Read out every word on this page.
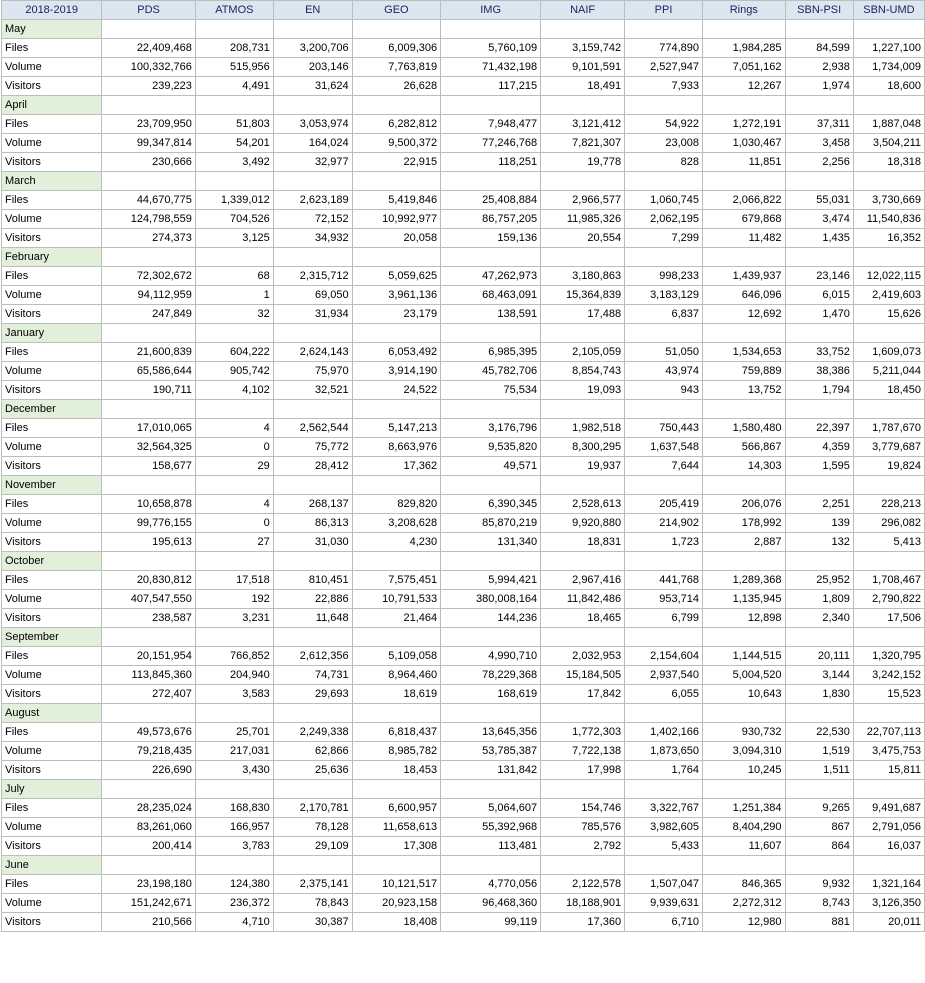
2018-2019	PDS	ATMOS	EN	GEO	IMG	NAIF	PPI	Rings	SBN-PSI	SBN-UMD
May										
Files	22,409,468	208,731	3,200,706	6,009,306	5,760,109	3,159,742	774,890	1,984,285	84,599	1,227,100
Volume	100,332,766	515,956	203,146	7,763,819	71,432,198	9,101,591	2,527,947	7,051,162	2,938	1,734,009
Visitors	239,223	4,491	31,624	26,628	117,215	18,491	7,933	12,267	1,974	18,600
April										
Files	23,709,950	51,803	3,053,974	6,282,812	7,948,477	3,121,412	54,922	1,272,191	37,311	1,887,048
Volume	99,347,814	54,201	164,024	9,500,372	77,246,768	7,821,307	23,008	1,030,467	3,458	3,504,211
Visitors	230,666	3,492	32,977	22,915	118,251	19,778	828	11,851	2,256	18,318
March										
Files	44,670,775	1,339,012	2,623,189	5,419,846	25,408,884	2,966,577	1,060,745	2,066,822	55,031	3,730,669
Volume	124,798,559	704,526	72,152	10,992,977	86,757,205	11,985,326	2,062,195	679,868	3,474	11,540,836
Visitors	274,373	3,125	34,932	20,058	159,136	20,554	7,299	11,482	1,435	16,352
February										
Files	72,302,672	68	2,315,712	5,059,625	47,262,973	3,180,863	998,233	1,439,937	23,146	12,022,115
Volume	94,112,959	1	69,050	3,961,136	68,463,091	15,364,839	3,183,129	646,096	6,015	2,419,603
Visitors	247,849	32	31,934	23,179	138,591	17,488	6,837	12,692	1,470	15,626
January										
Files	21,600,839	604,222	2,624,143	6,053,492	6,985,395	2,105,059	51,050	1,534,653	33,752	1,609,073
Volume	65,586,644	905,742	75,970	3,914,190	45,782,706	8,854,743	43,974	759,889	38,386	5,211,044
Visitors	190,711	4,102	32,521	24,522	75,534	19,093	943	13,752	1,794	18,450
December										
Files	17,010,065	4	2,562,544	5,147,213	3,176,796	1,982,518	750,443	1,580,480	22,397	1,787,670
Volume	32,564,325	0	75,772	8,663,976	9,535,820	8,300,295	1,637,548	566,867	4,359	3,779,687
Visitors	158,677	29	28,412	17,362	49,571	19,937	7,644	14,303	1,595	19,824
November										
Files	10,658,878	4	268,137	829,820	6,390,345	2,528,613	205,419	206,076	2,251	228,213
Volume	99,776,155	0	86,313	3,208,628	85,870,219	9,920,880	214,902	178,992	139	296,082
Visitors	195,613	27	31,030	4,230	131,340	18,831	1,723	2,887	132	5,413
October										
Files	20,830,812	17,518	810,451	7,575,451	5,994,421	2,967,416	441,768	1,289,368	25,952	1,708,467
Volume	407,547,550	192	22,886	10,791,533	380,008,164	11,842,486	953,714	1,135,945	1,809	2,790,822
Visitors	238,587	3,231	11,648	21,464	144,236	18,465	6,799	12,898	2,340	17,506
September										
Files	20,151,954	766,852	2,612,356	5,109,058	4,990,710	2,032,953	2,154,604	1,144,515	20,111	1,320,795
Volume	113,845,360	204,940	74,731	8,964,460	78,229,368	15,184,505	2,937,540	5,004,520	3,144	3,242,152
Visitors	272,407	3,583	29,693	18,619	168,619	17,842	6,055	10,643	1,830	15,523
August										
Files	49,573,676	25,701	2,249,338	6,818,437	13,645,356	1,772,303	1,402,166	930,732	22,530	22,707,113
Volume	79,218,435	217,031	62,866	8,985,782	53,785,387	7,722,138	1,873,650	3,094,310	1,519	3,475,753
Visitors	226,690	3,430	25,636	18,453	131,842	17,998	1,764	10,245	1,511	15,811
July										
Files	28,235,024	168,830	2,170,781	6,600,957	5,064,607	154,746	3,322,767	1,251,384	9,265	9,491,687
Volume	83,261,060	166,957	78,128	11,658,613	55,392,968	785,576	3,982,605	8,404,290	867	2,791,056
Visitors	200,414	3,783	29,109	17,308	113,481	2,792	5,433	11,607	864	16,037
June										
Files	23,198,180	124,380	2,375,141	10,121,517	4,770,056	2,122,578	1,507,047	846,365	9,932	1,321,164
Volume	151,242,671	236,372	78,843	20,923,158	96,468,360	18,188,901	9,939,631	2,272,312	8,743	3,126,350
Visitors	210,566	4,710	30,387	18,408	99,119	17,360	6,710	12,980	881	20,011
